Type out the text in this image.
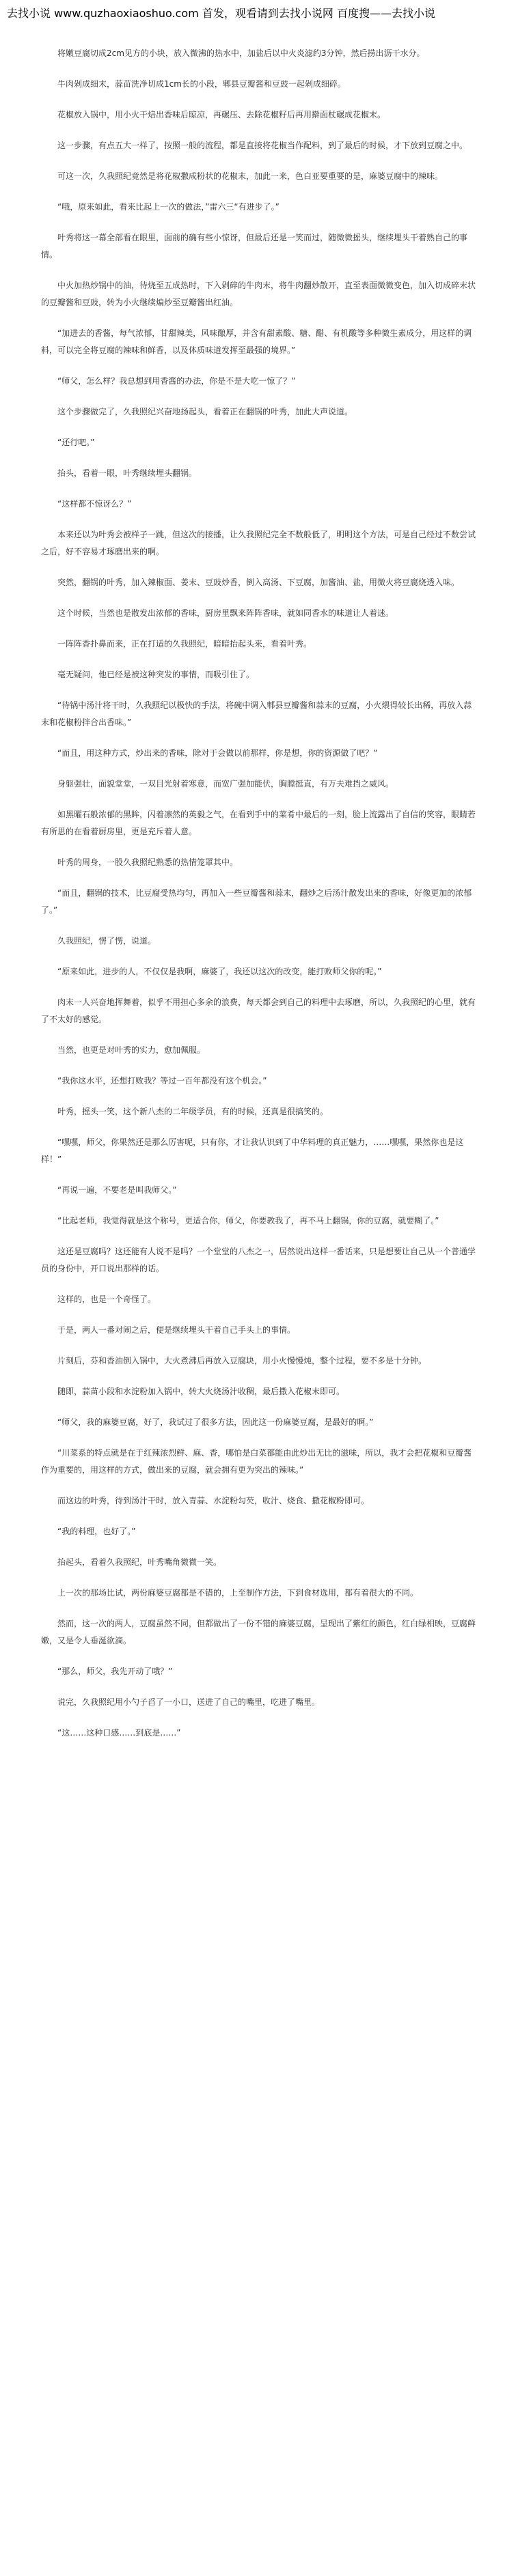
去找小说 www.quzhaoxiaoshuo.com 首发，观看请到去找小说网 百度搜——去找小说

将嫩豆腐切成2cm见方的小块，放入微沸的热水中，加盐后以中火炎滤约3分钟，然后捞出沥干水分。

牛肉剁成细末，蒜苗洗净切成1cm长的小段，郫县豆瓣酱和豆豉一起剁成细碎。

花椒放入锅中，用小火干焙出香味后晾凉，再碾压、去除花椒籽后再用擀面杖碾成花椒末。

这一步骤，有点五大一样了，按照一般的流程，都是直接将花椒当作配料，到了最后的时候，才下放到豆腐之中。

可这一次，久我照纪竟然是将花椒撒成粉状的花椒末，加此一来，色白亚要重要的是，麻婆豆腐中的辣味。

“哦，原来如此，看来比起上一次的做法，”雷六三“有进步了。”

叶秀将这一幕全部看在眼里，面前的确有些小惊讶，但最后还是一笑而过，随微微摇头，继续埋头干着熟自己的事情。

中火加热炒锅中的油，待烧至五成热时，下入剁碎的牛肉末，将牛肉翻炒散开，直至表面微微变色，加入切成碎末状的豆瓣酱和豆豉，转为小火继续煸炒至豆瓣酱出红油。

“加进去的香酱，每气浓郁，甘甜辣美，风味酿厚，并含有甜素酸、糖、醋、有机酸等多种微生素成分，用这样的调料，可以完全将豆腐的辣味和鲜香，以及体质味道发挥至最强的境界。”

“师父，怎么样？我总想到用香酱的办法，你是不是大吃一惊了？”

这个步骤做完了，久我照纪兴奋地扬起头，看着正在翻锅的叶秀，加此大声说道。

“还行吧。”

抬头，看着一眼，叶秀继续埋头翻锅。

“这样都不惊讶么？”

本来还以为叶秀会被样子一跳，但这次的接播，让久我照纪完全不数般低了，明明这个方法，可是自己经过不数尝试之后，好不容易才琢磨出来的啊。

突然，翻锅的叶秀，加入辣椒面、姜末、豆豉炒香，倒入高汤、下豆腐，加酱油、盐，用微火将豆腐烧透入味。

这个时候，当然也是散发出浓郁的香味，厨房里飘来阵阵香味，就如同香水的味道让人着迷。

一阵阵香扑鼻而来，正在打适的久我照纪，暗暗抬起头来，看着叶秀。

毫无疑问，他已经是被这种突发的事情，而吸引住了。

“待锅中汤汁将干时，久我照纪以极快的手法，将碗中调入郫县豆瓣酱和蒜末的豆腐，小火煨得较长出稀，再放入蒜末和花椒粉拌合出香味。”

“而且，用这种方式，炒出来的香味，除对于会做以前那样，你是想，你的资源做了吧？”

身躯强壮，面貌堂堂，一双目光射着寒意，而宽广强加能伏，胸膛挺直，有万夫难挡之威风。

如黑曜石般浓郁的黑眸，闪着凛然的英毅之气，在看到手中的菜肴中最后的一刻，脸上流露出了自信的笑容，眼睛若有所思的在看着厨房里，更是充斥着人意。

叶秀的周身，一股久我照纪熟悉的热情笼罩其中。

“而且，翻锅的技术，比豆腐受热均匀，再加入一些豆瓣酱和蒜末，翻炒之后汤汁散发出来的香味，好像更加的浓郁了。”

久我照纪，愣了愣，说道。

“原来如此，进步的人，不仅仅是我啊，麻婆了，我还以这次的改变，能打败师父你的呢。”

肉末一人兴奋地挥舞着，似乎不用担心多余的浪费，每天都会到自己的料理中去琢磨，所以，久我照纪的心里，就有了不太好的感觉。

当然，也更是对叶秀的实力，愈加佩服。

“我你这水平，还想打败我？等过一百年都没有这个机会。”

叶秀，摇头一笑，这个新八杰的二年级学员，有的时候，还真是很搞笑的。

“嘿嘿，师父，你果然还是那么厉害呢，只有你，才让我认识到了中华料理的真正魅力，……嘿嘿，果然你也是这样！”

“再说一遍，不要老是叫我师父。”

“比起老师，我觉得就是这个称号，更适合你，师父，你要教我了，再不马上翻锅，你的豆腐，就要糊了。”

这还是豆腐吗？这还能有人说不是吗？一个堂堂的八杰之一，居然说出这样一番话来，只是想要让自己从一个普通学员的身份中，开口说出那样的话。

这样的，也是一个奇怪了。

于是，两人一番对闹之后，便是继续埋头干着自己手头上的事情。

片刻后，芬和香油倒入锅中，大火煮沸后再放入豆腐块，用小火慢慢炖，整个过程，要不多是十分钟。

随即，蒜苗小段和水淀粉加入锅中，转大火烧汤汁收稠，最后撒入花椒末即可。

“师父，我的麻婆豆腐，好了，我试过了很多方法，因此这一份麻婆豆腐，是最好的啊。”

“川菜系的特点就是在于红辣浓烈鲜、麻、香，哪怕是白菜都能由此炒出无比的滋味，所以，我才会把花椒和豆瓣酱作为重要的，用这样的方式，做出来的豆腐，就会拥有更为突出的辣味。”

而这边的叶秀，待到汤汁干时，放入青蒜、水淀粉勾芡，收汁、烧食、撒花椒粉即可。

“我的料理，也好了。”

抬起头，看着久我照纪，叶秀嘴角微微一笑。

上一次的那场比试，两份麻婆豆腐都是不错的，上至制作方法，下到食材选用，都有着很大的不同。

然而，这一次的两人，豆腐虽然不同，但都做出了一份不错的麻婆豆腐，呈现出了紫红的颜色，红白绿相映，豆腐鲜嫩，又是令人垂涎欲滴。

“那么，师父，我先开动了哦？”

说完，久我照纪用小勺子舀了一小口，送进了自己的嘴里，吃进了嘴里。

“这……这种口感……到底是……”
